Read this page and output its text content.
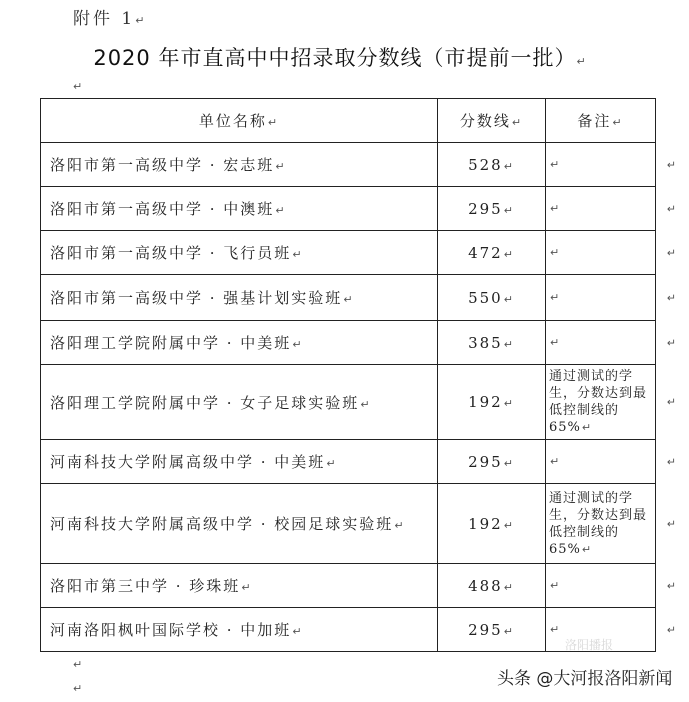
附件 1↵
2020 年市直高中中招录取分数线（市提前一批）↵
↵
单位名称↵	分数线↵	备注↵
洛阳市第一高级中学 · 宏志班↵	528↵	↵ ↵

洛阳市第一高级中学 · 中澳班↵	295↵	↵ ↵

洛阳市第一高级中学 · 飞行员班↵	472↵	↵ ↵

洛阳市第一高级中学 · 强基计划实验班↵	550↵	↵ ↵

洛阳理工学院附属中学 · 中美班↵	385↵	↵ ↵

洛阳理工学院附属中学 · 女子足球实验班↵	192↵	通过测试的学生，分数达到最低控制线的 65%↵
↵

河南科技大学附属高级中学 · 中美班↵	295↵	↵ ↵

河南科技大学附属高级中学 · 校园足球实验班↵	192↵	通过测试的学生，分数达到最低控制线的 65%↵
↵

洛阳市第三中学 · 珍珠班↵	488↵	↵ ↵

河南洛阳枫叶国际学校 · 中加班↵	295↵	↵ ↵
↵
↵
洛阳播报
头条 @大河报洛阳新闻
